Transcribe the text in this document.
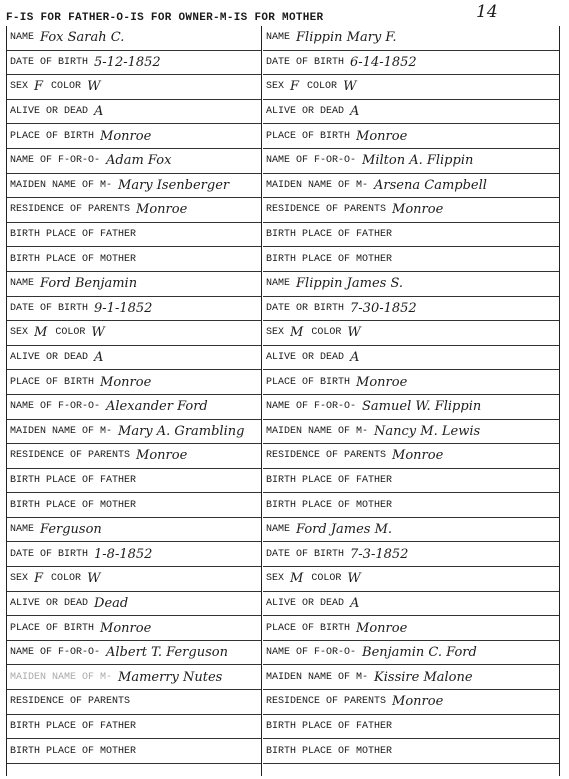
F-IS FOR FATHER-O-IS FOR OWNER-M-IS FOR MOTHER	14
NAME Fox Sarah C.
DATE OF BIRTH 5-12-1852
SEX F COLOR W
ALIVE OR DEAD A
PLACE OF BIRTH Monroe
NAME OF F-OR-O- Adam Fox
MAIDEN NAME OF M- Mary Isenberger
RESIDENCE OF PARENTS Monroe
BIRTH PLACE OF FATHER
BIRTH PLACE OF MOTHER
NAME Ford Benjamin
DATE OF BIRTH 9-1-1852
SEX M COLOR W
ALIVE OR DEAD A
PLACE OF BIRTH Monroe
NAME OF F-OR-O- Alexander Ford
MAIDEN NAME OF M- Mary A. Grambling
RESIDENCE OF PARENTS Monroe
BIRTH PLACE OF FATHER
BIRTH PLACE OF MOTHER
NAME Ferguson
DATE OF BIRTH 1-8-1852
SEX F COLOR W
ALIVE OR DEAD Dead
PLACE OF BIRTH Monroe
NAME OF F-OR-O- Albert T. Ferguson
MAIDEN NAME OF M- Mamerry Nutes
RESIDENCE OF PARENTS
BIRTH PLACE OF FATHER
BIRTH PLACE OF MOTHER
NAME Flippin Mary F.
DATE OF BIRTH 6-14-1852
SEX F COLOR W
ALIVE OR DEAD A
PLACE OF BIRTH Monroe
NAME OF F-OR-O- Milton A. Flippin
MAIDEN NAME OF M- Arsena Campbell
RESIDENCE OF PARENTS Monroe
BIRTH PLACE OF FATHER
BIRTH PLACE OF MOTHER
NAME Flippin James S.
DATE OR BIRTH 7-30-1852
SEX M COLOR W
ALIVE OR DEAD A
PLACE OF BIRTH Monroe
NAME OF F-OR-O- Samuel W. Flippin
MAIDEN NAME OF M- Nancy M. Lewis
RESIDENCE OF PARENTS Monroe
BIRTH PLACE OF FATHER
BIRTH PLACE OF MOTHER
NAME Ford James M.
DATE OF BIRTH 7-3-1852
SEX M COLOR W
ALIVE OR DEAD A
PLACE OF BIRTH Monroe
NAME OF F-OR-O- Benjamin C. Ford
MAIDEN NAME OF M- Kissire Malone
RESIDENCE OF PARENTS Monroe
BIRTH PLACE OF FATHER
BIRTH PLACE OF MOTHER
